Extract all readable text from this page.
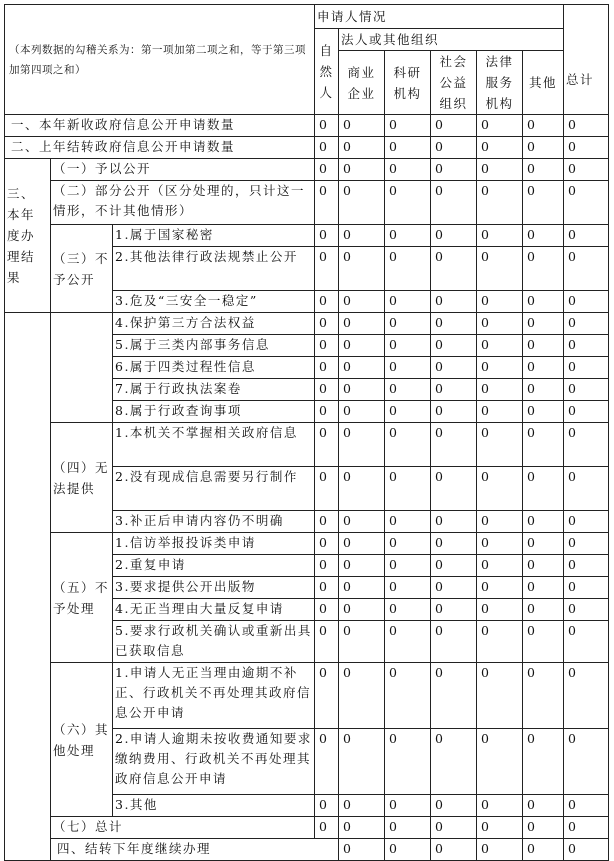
（本列数据的勾稽关系为：第一项加第二项之和，等于第三项加第四项之和）			申请人情况						总计	
			自然人	法人或其他组织						
				商业企业	科研机构	社会公益组织	法律服务机构	其他		
一、本年新收政府信息公开申请数量			0	0	0	0	0	0	0	
二、上年结转政府信息公开申请数量			0	0	0	0	0	0	0	
三、本年度办理结果	（一）予以公开		0	0	0	0	0	0	0	
	（二）部分公开（区分处理的，只计这一情形，不计其他情形）		0	0	0	0	0	0	0	
	（三）不予公开	1.属于国家秘密	0	0	0	0	0	0	0	
		2.其他法律行政法规禁止公开	0	0	0	0	0	0	0	
		3.危及“三安全一稳定”	0	0	0	0	0	0	0	
		4.保护第三方合法权益	0	0	0	0	0	0	0	
		5.属于三类内部事务信息	0	0	0	0	0	0	0	
		6.属于四类过程性信息	0	0	0	0	0	0	0	
		7.属于行政执法案卷	0	0	0	0	0	0	0	
		8.属于行政查询事项	0	0	0	0	0	0	0	
	（四）无法提供	1.本机关不掌握相关政府信息	0	0	0	0	0	0	0	
		2.没有现成信息需要另行制作	0	0	0	0	0	0	0	
		3.补正后申请内容仍不明确	0	0	0	0	0	0	0	
	（五）不予处理	1.信访举报投诉类申请	0	0	0	0	0	0	0	
		2.重复申请	0	0	0	0	0	0	0	
		3.要求提供公开出版物	0	0	0	0	0	0	0	
		4.无正当理由大量反复申请	0	0	0	0	0	0	0	
		5.要求行政机关确认或重新出具已获取信息	0	0	0	0	0	0	0	
	（六）其他处理	1.申请人无正当理由逾期不补正、行政机关不再处理其政府信息公开申请	0	0	0	0	0	0	0	
		2.申请人逾期未按收费通知要求缴纳费用、行政机关不再处理其政府信息公开申请	0	0	0	0	0	0	0	
		3.其他	0	0	0	0	0	0	0	
	（七）总计		0	0	0	0	0	0	0	
	四、结转下年度继续办理			0	0	0	0	0	0	
